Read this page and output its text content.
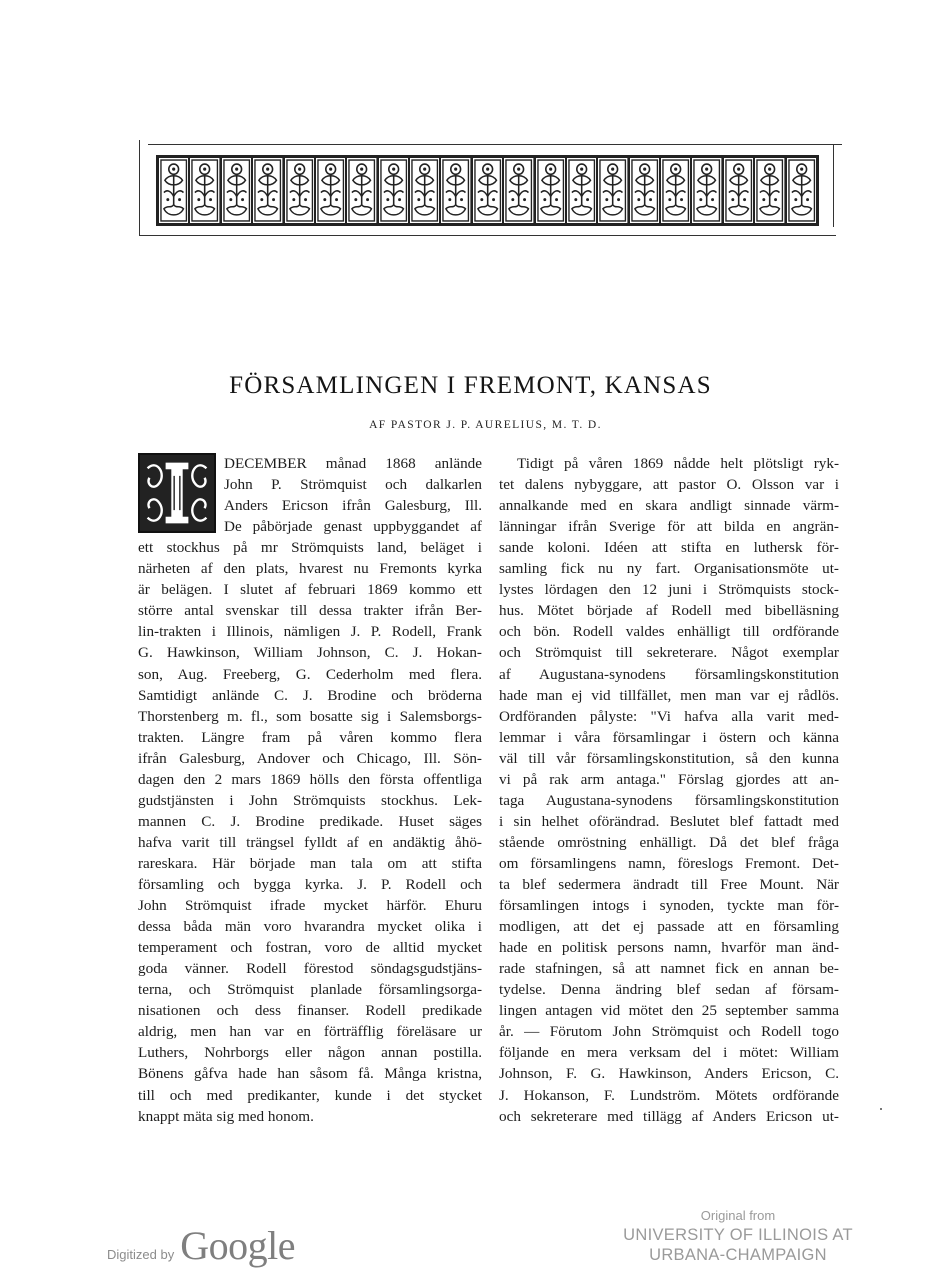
FÖRSAMLINGEN I FREMONT, KANSAS
AF PASTOR J. P. AURELIUS, M. T. D.
DECEMBER månad 1868 anlände
John P. Strömquist och dalkarlen
Anders Ericson ifrån Galesburg, Ill.
De påbörjade genast uppbyggandet af
ett stockhus på mr Strömquists land, beläget i
närheten af den plats, hvarest nu Fremonts kyrka
är belägen. I slutet af februari 1869 kommo ett
större antal svenskar till dessa trakter ifrån Ber-
lin-trakten i Illinois, nämligen J. P. Rodell, Frank
G. Hawkinson, William Johnson, C. J. Hokan-
son, Aug. Freeberg, G. Cederholm med flera.
Samtidigt anlände C. J. Brodine och bröderna
Thorstenberg m. fl., som bosatte sig i Salemsborgs-
trakten. Längre fram på våren kommo flera
ifrån Galesburg, Andover och Chicago, Ill. Sön-
dagen den 2 mars 1869 hölls den första offentliga
gudstjänsten i John Strömquists stockhus. Lek-
mannen C. J. Brodine predikade. Huset säges
hafva varit till trängsel fylldt af en andäktig åhö-
rareskara. Här började man tala om att stifta
församling och bygga kyrka. J. P. Rodell och
John Strömquist ifrade mycket härför. Ehuru
dessa båda män voro hvarandra mycket olika i
temperament och fostran, voro de alltid mycket
goda vänner. Rodell förestod söndagsgudstjäns-
terna, och Strömquist planlade församlingsorga-
nisationen och dess finanser. Rodell predikade
aldrig, men han var en förträfflig föreläsare ur
Luthers, Nohrborgs eller någon annan postilla.
Bönens gåfva hade han såsom få. Många kristna,
till och med predikanter, kunde i det stycket
knappt mäta sig med honom.
Tidigt på våren 1869 nådde helt plötsligt ryk-
tet dalens nybyggare, att pastor O. Olsson var i
annalkande med en skara andligt sinnade värm-
länningar ifrån Sverige för att bilda en angrän-
sande koloni. Idéen att stifta en luthersk för-
samling fick nu ny fart. Organisationsmöte ut-
lystes lördagen den 12 juni i Strömquists stock-
hus. Mötet började af Rodell med bibelläsning
och bön. Rodell valdes enhälligt till ordförande
och Strömquist till sekreterare. Något exemplar
af Augustana-synodens församlingskonstitution
hade man ej vid tillfället, men man var ej rådlös.
Ordföranden pålyste: "Vi hafva alla varit med-
lemmar i våra församlingar i östern och känna
väl till vår församlingskonstitution, så den kunna
vi på rak arm antaga." Förslag gjordes att an-
taga Augustana-synodens församlingskonstitution
i sin helhet oförändrad. Beslutet blef fattadt med
stående omröstning enhälligt. Då det blef fråga
om församlingens namn, föreslogs Fremont. Det-
ta blef sedermera ändradt till Free Mount. När
församlingen intogs i synoden, tyckte man för-
modligen, att det ej passade att en församling
hade en politisk persons namn, hvarför man änd-
rade stafningen, så att namnet fick en annan be-
tydelse. Denna ändring blef sedan af försam-
lingen antagen vid mötet den 25 september samma
år. — Förutom John Strömquist och Rodell togo
följande en mera verksam del i mötet: William
Johnson, F. G. Hawkinson, Anders Ericson, C.
J. Hokanson, F. Lundström. Mötets ordförande
och sekreterare med tillägg af Anders Ericson ut-
Digitized by Google
Original from
UNIVERSITY OF ILLINOIS AT
URBANA-CHAMPAIGN
